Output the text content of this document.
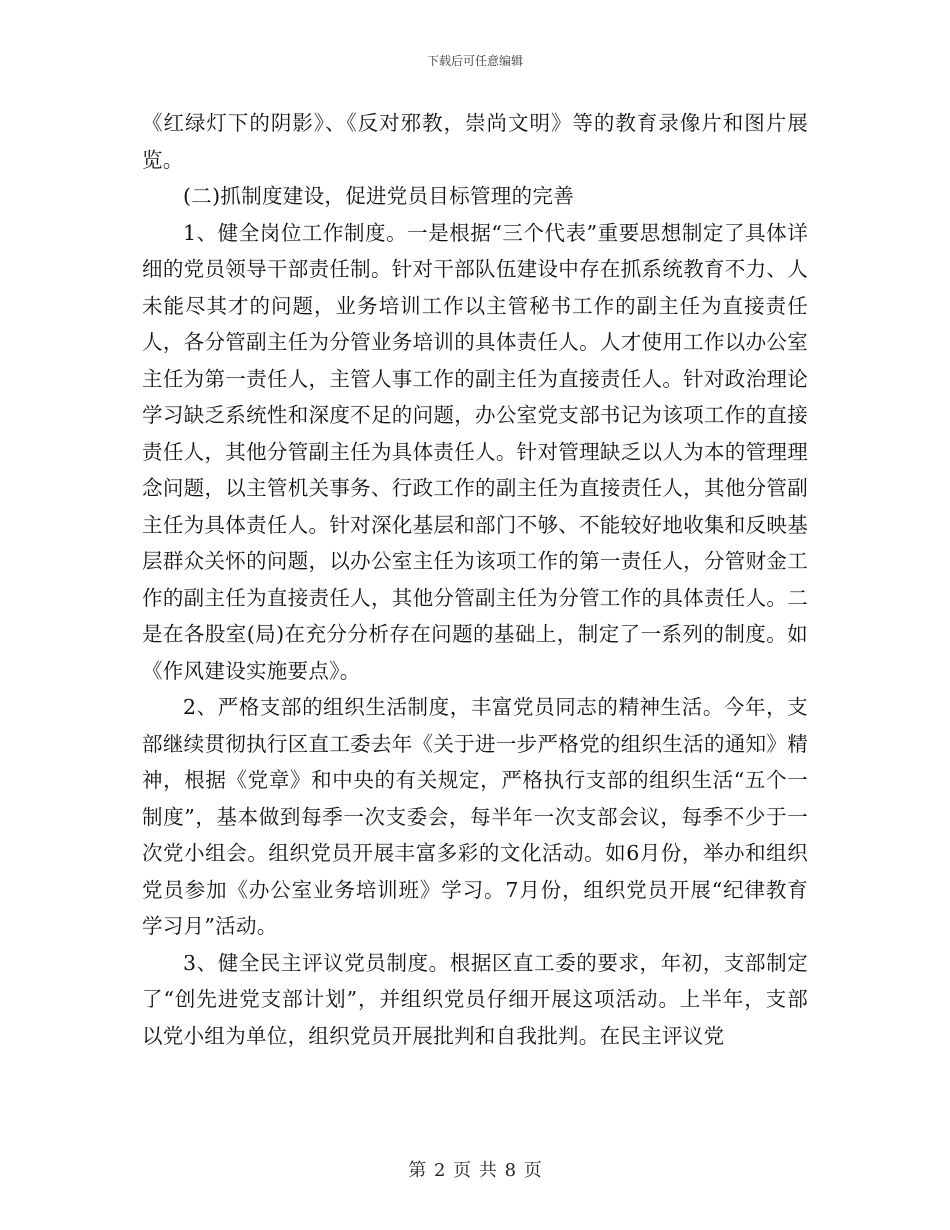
下载后可任意编辑

《红绿灯下的阴影》、《反对邪教，崇尚文明》等的教育录像片和图片展览。

(二)抓制度建设，促进党员目标管理的完善

1、健全岗位工作制度。一是根据“三个代表”重要思想制定了具体详细的党员领导干部责任制。针对干部队伍建设中存在抓系统教育不力、人未能尽其才的问题，业务培训工作以主管秘书工作的副主任为直接责任人，各分管副主任为分管业务培训的具体责任人。人才使用工作以办公室主任为第一责任人，主管人事工作的副主任为直接责任人。针对政治理论学习缺乏系统性和深度不足的问题，办公室党支部书记为该项工作的直接责任人，其他分管副主任为具体责任人。针对管理缺乏以人为本的管理理念问题，以主管机关事务、行政工作的副主任为直接责任人，其他分管副主任为具体责任人。针对深化基层和部门不够、不能较好地收集和反映基层群众关怀的问题，以办公室主任为该项工作的第一责任人，分管财金工作的副主任为直接责任人，其他分管副主任为分管工作的具体责任人。二是在各股室(局)在充分分析存在问题的基础上，制定了一系列的制度。如《作风建设实施要点》。

2、严格支部的组织生活制度，丰富党员同志的精神生活。今年，支部继续贯彻执行区直工委去年《关于进一步严格党的组织生活的通知》精神，根据《党章》和中央的有关规定，严格执行支部的组织生活“五个一制度”，基本做到每季一次支委会，每半年一次支部会议，每季不少于一次党小组会。组织党员开展丰富多彩的文化活动。如6月份，举办和组织党员参加《办公室业务培训班》学习。7月份，组织党员开展“纪律教育学习月”活动。

3、健全民主评议党员制度。根据区直工委的要求，年初，支部制定了“创先进党支部计划”，并组织党员仔细开展这项活动。上半年，支部以党小组为单位，组织党员开展批判和自我批判。在民主评议党

第 2 页 共 8 页
